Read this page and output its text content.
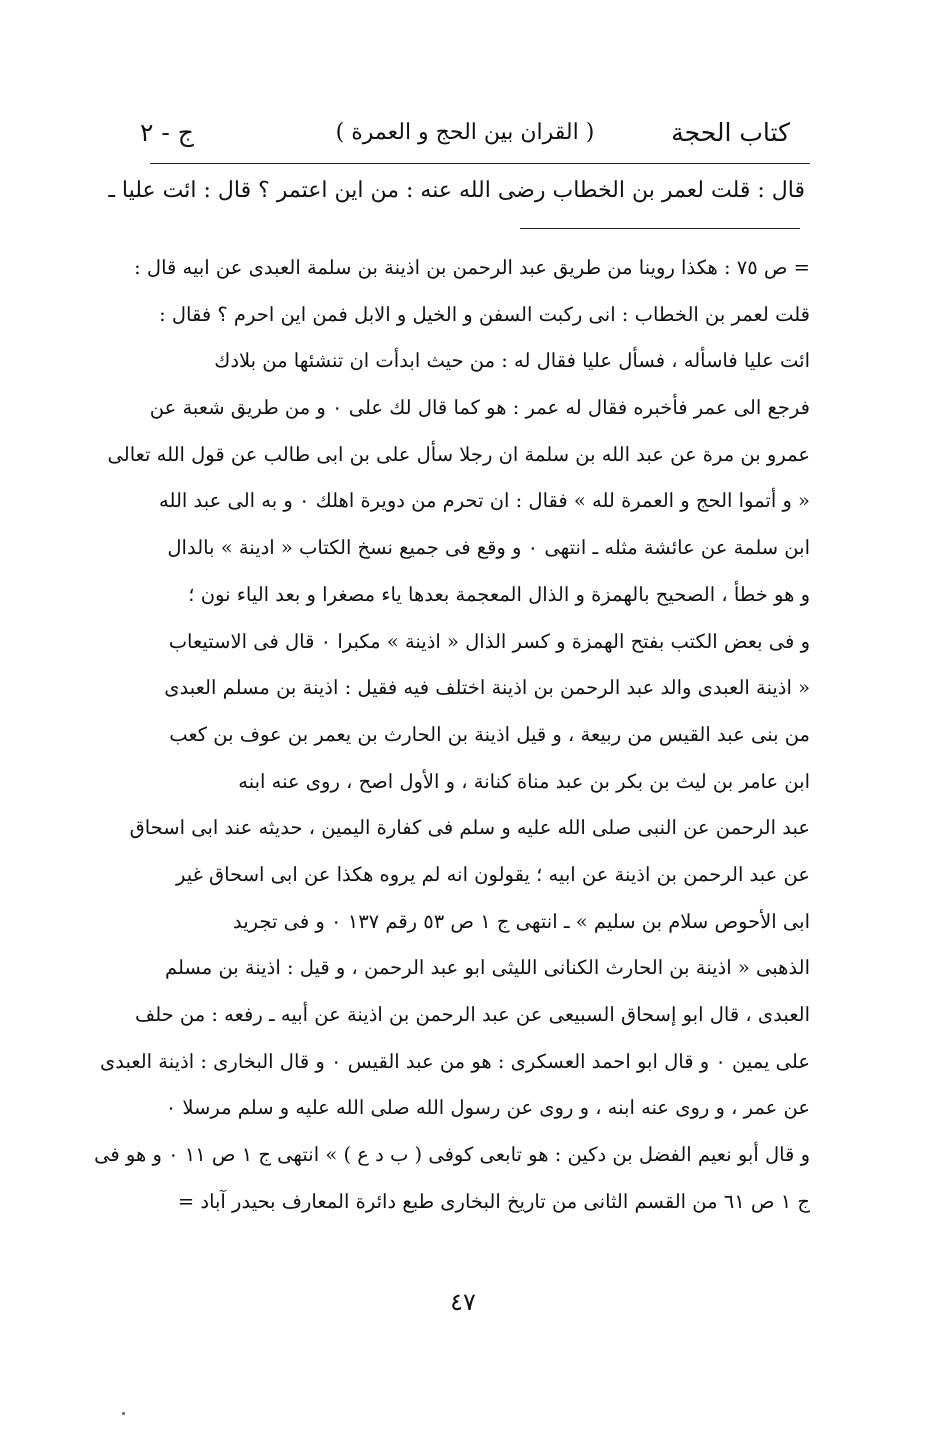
كتاب الحجة
( القران بين الحج و العمرة )
ج - ٢
قال : قلت لعمر بن الخطاب رضى الله عنه : من اين اعتمر ؟ قال : ائت عليا ـ
= ص ٧٥ : هكذا روينا من طريق عبد الرحمن بن اذينة بن سلمة العبدى عن ابيه قال :
قلت لعمر بن الخطاب : انى ركبت السفن و الخيل و الابل فمن اين احرم ؟ فقال :
ائت عليا فاسأله ، فسأل عليا فقال له : من حيث ابدأت ان تنشئها من بلادك
فرجع الى عمر فأخبره فقال له عمر : هو كما قال لك على ٠ و من طريق شعبة عن
عمرو بن مرة عن عبد الله بن سلمة ان رجلا سأل على بن ابى طالب عن قول الله تعالى
« و أتموا الحج و العمرة لله » فقال : ان تحرم من دويرة اهلك ٠ و به الى عبد الله
ابن سلمة عن عائشة مثله ـ انتهى ٠ و وقع فى جميع نسخ الكتاب « ادينة » بالدال
و هو خطأ ، الصحيح بالهمزة و الذال المعجمة بعدها ياء مصغرا و بعد الياء نون ؛
و فى بعض الكتب بفتح الهمزة و كسر الذال « اذينة » مكبرا ٠ قال فى الاستيعاب
« اذينة العبدى والد عبد الرحمن بن اذينة اختلف فيه فقيل : اذينة بن مسلم العبدى
من بنى عبد القيس من ربيعة ، و قيل اذينة بن الحارث بن يعمر بن عوف بن كعب
ابن عامر بن ليث بن بكر بن عبد مناة كنانة ، و الأول اصح ، روى عنه ابنه
عبد الرحمن عن النبى صلى الله عليه و سلم فى كفارة اليمين ، حديثه عند ابى اسحاق
عن عبد الرحمن بن اذينة عن ابيه ؛ يقولون انه لم يروه هكذا عن ابى اسحاق غير
ابى الأحوص سلام بن سليم » ـ انتهى ج ١ ص ٥٣ رقم ١٣٧ ٠ و فى تجريد
الذهبى « اذينة بن الحارث الكنانى الليثى ابو عبد الرحمن ، و قيل : اذينة بن مسلم
العبدى ، قال ابو إسحاق السبيعى عن عبد الرحمن بن اذينة عن أبيه ـ رفعه : من حلف
على يمين ٠ و قال ابو احمد العسكرى : هو من عبد القيس ٠ و قال البخارى : اذينة العبدى
عن عمر ، و روى عنه ابنه ، و روى عن رسول الله صلى الله عليه و سلم مرسلا ٠
و قال أبو نعيم الفضل بن دكين : هو تابعى كوفى ( ب د ع ) » انتهى ج ١ ص ١١ ٠ و هو فى
ج ١ ص ٦١ من القسم الثانى من تاريخ البخارى طبع دائرة المعارف بحيدر آباد =
٤٧
